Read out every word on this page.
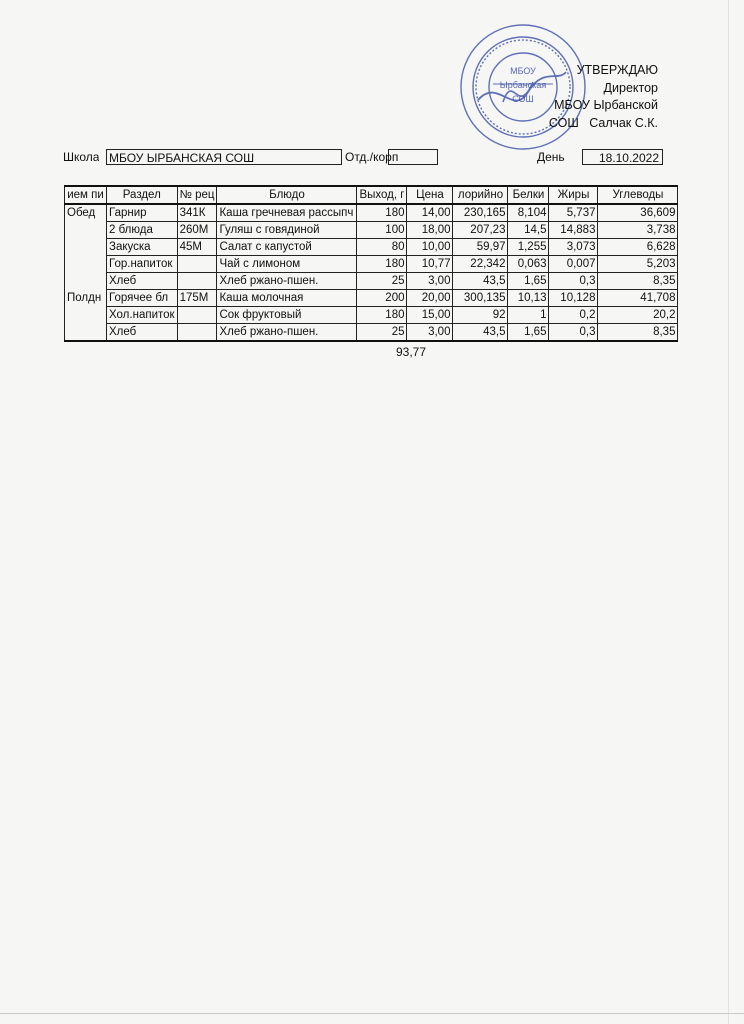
МБОУ
Ырбанская
СОШ
УТВЕРЖДАЮ
Директор
МБОУ Ырбанской
СОШ   Салчак С.К.
Школа МБОУ ЫРБАНСКАЯ СОШ	Отд./корп	День	18.10.2022
ием пи	Раздел	№ рец	Блюдо	Выход, г	Цена	лорийно	Белки	Жиры	Углеводы
Обед	Гарнир	341К	Каша гречневая рассыпч	180	14,00	230,165	8,104	5,737	36,609
	2 блюда	260М	Гуляш с говядиной	100	18,00	207,23	14,5	14,883	3,738
	Закуска	45М	Салат с капустой	80	10,00	59,97	1,255	3,073	6,628
	Гор.напиток		Чай с лимоном	180	10,77	22,342	0,063	0,007	5,203
	Хлеб		Хлеб ржано-пшен.	25	3,00	43,5	1,65	0,3	8,35
Полдн	Горячее бл	175М	Каша молочная	200	20,00	300,135	10,13	10,128	41,708
	Хол.напиток		Сок фруктовый	180	15,00	92	1	0,2	20,2
	Хлеб		Хлеб ржано-пшен.	25	3,00	43,5	1,65	0,3	8,35
93,77
